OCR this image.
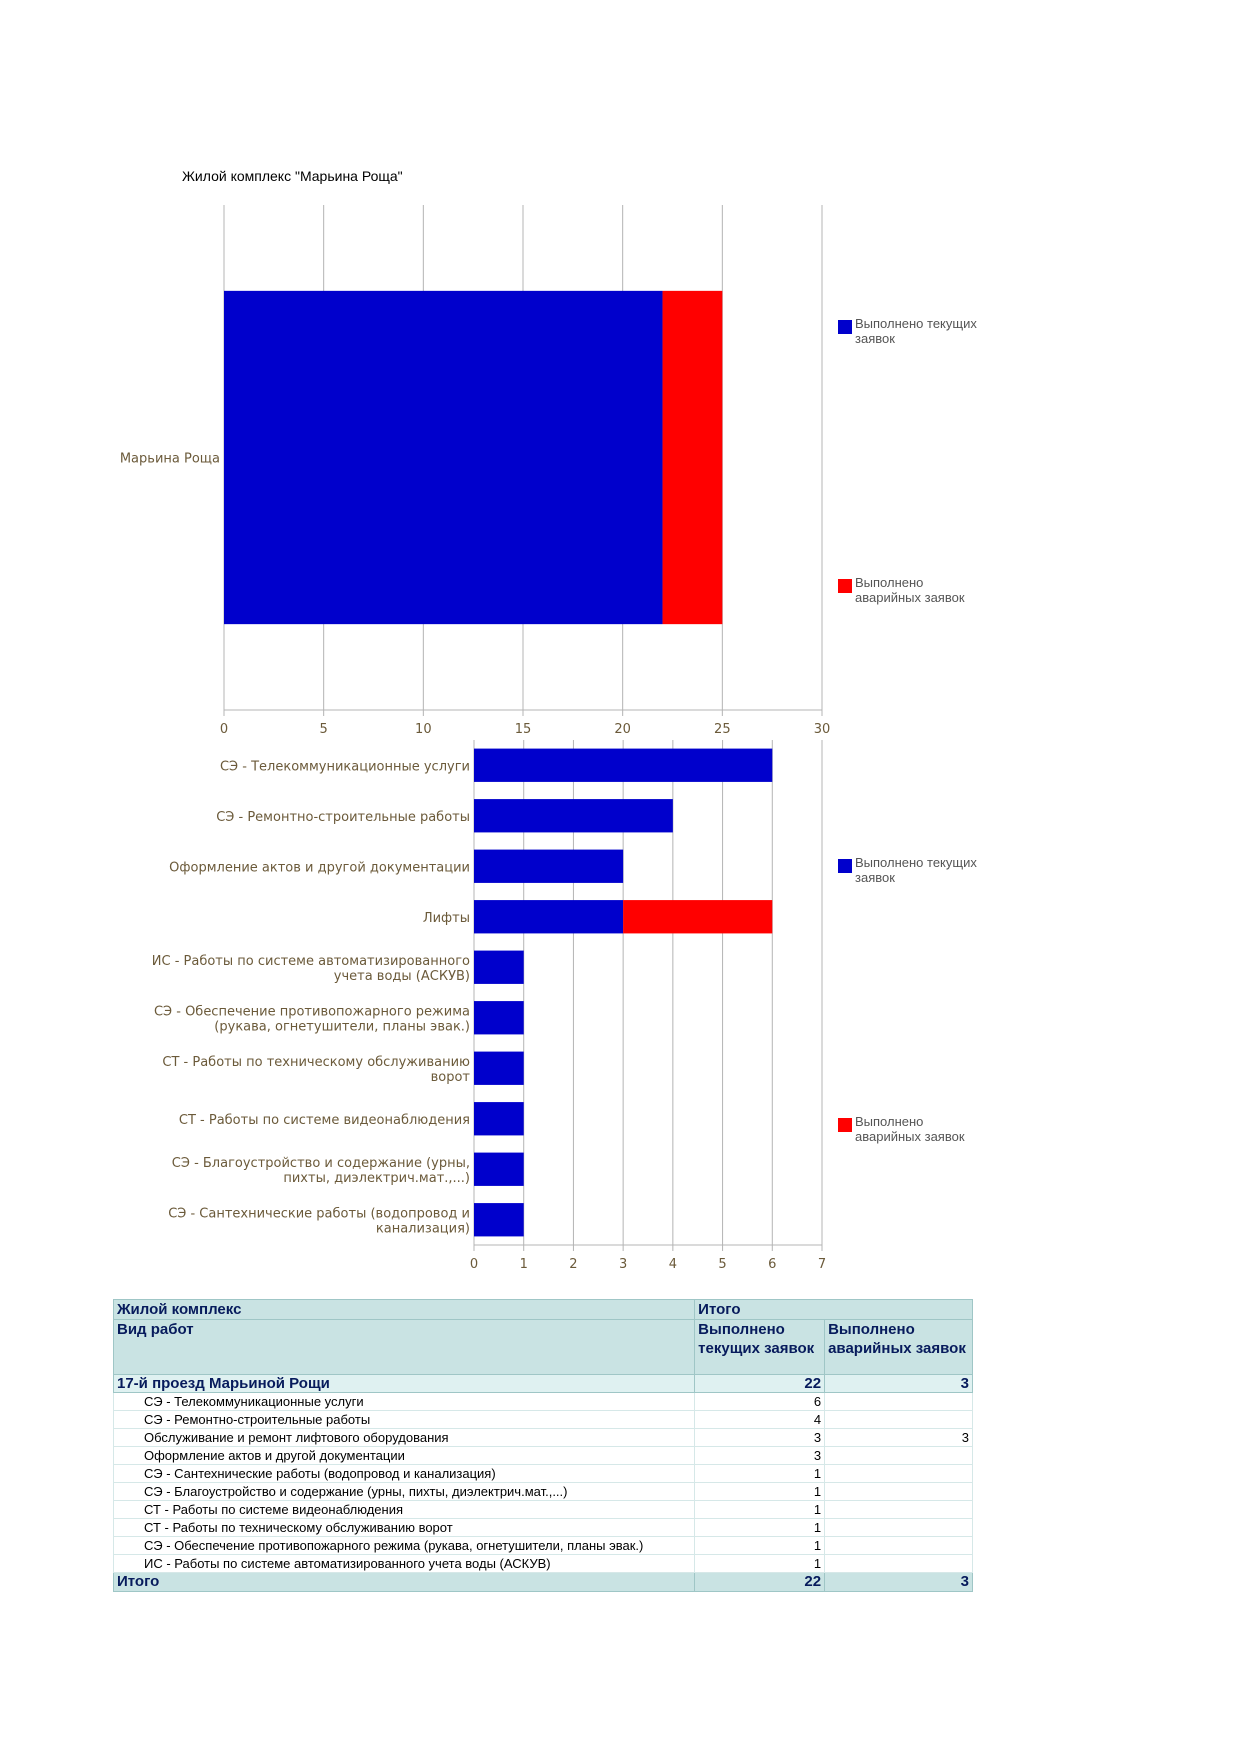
Жилой комплекс "Марьина Роща"
0	5	10	15	20	25	30
Марьина Роща
Выполнено текущих заявок
Выполнено аварийных заявок
0	1	2	3	4	5	6	7
СЭ - Телекоммуникационные услуги
СЭ - Ремонтно-строительные работы
Оформление актов и другой документации
Лифты
ИС - Работы по системе автоматизированного учета воды (АСКУВ)
СЭ - Обеспечение противопожарного режима (рукава, огнетушители, планы эвак.)
СТ - Работы по техническому обслуживанию ворот
СТ - Работы по системе видеонаблюдения
СЭ - Благоустройство и содержание (урны, пихты, диэлектрич.мат.,...)
СЭ - Сантехнические работы (водопровод и канализация)
Выполнено текущих заявок
Выполнено аварийных заявок
Жилой комплекс	Итого	
Вид работ	Выполнено текущих заявок	Выполнено аварийных заявок
17-й проезд Марьиной Рощи	22	3
СЭ - Телекоммуникационные услуги	6	
СЭ - Ремонтно-строительные работы	4	
Обслуживание и ремонт лифтового оборудования	3	3
Оформление актов и другой документации	3	
СЭ - Сантехнические работы (водопровод и канализация)	1	
СЭ - Благоустройство и содержание (урны, пихты, диэлектрич.мат.,...)	1	
СТ - Работы по системе видеонаблюдения	1	
СТ - Работы по техническому обслуживанию ворот	1	
СЭ - Обеспечение противопожарного режима (рукава, огнетушители, планы эвак.)	1	
ИС - Работы по системе автоматизированного учета воды (АСКУВ)	1	
Итого	22	3
